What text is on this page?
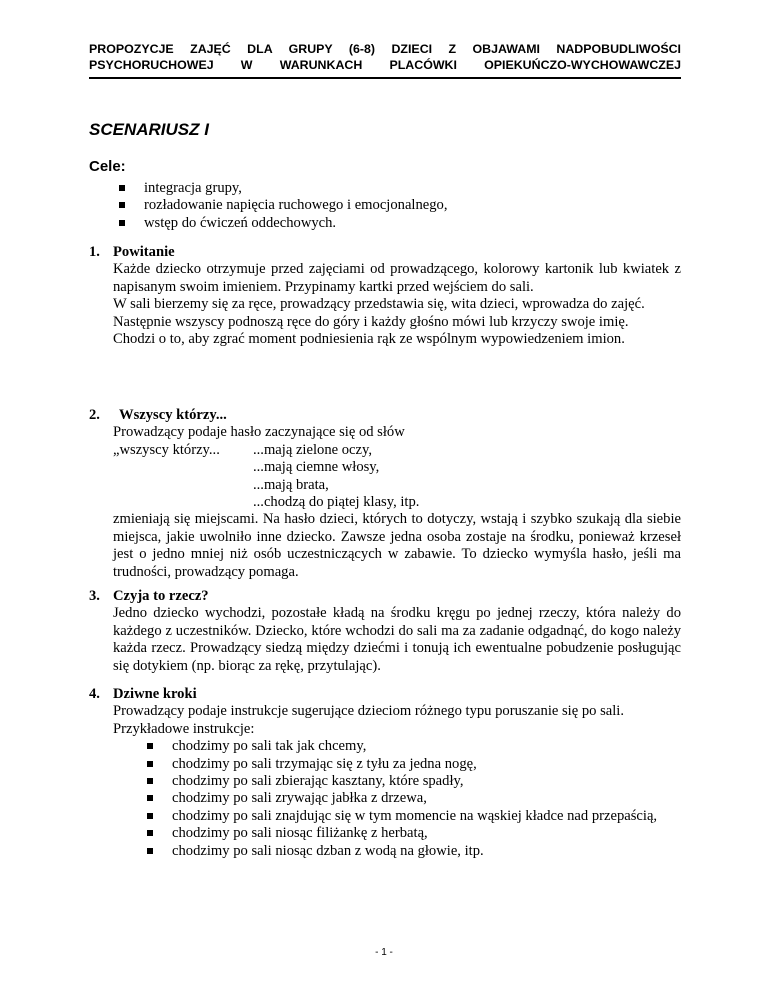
PROPOZYCJE ZAJĘĆ DLA GRUPY (6-8) DZIECI Z OBJAWAMI NADPOBUDLIWOŚCI
PSYCHORUCHOWEJ W WARUNKACH PLACÓWKI OPIEKUŃCZO-WYCHOWAWCZEJ
SCENARIUSZ I
Cele:
integracja grupy,
rozładowanie napięcia ruchowego i emocjonalnego,
wstęp do ćwiczeń oddechowych.
1. Powitanie

Każde dziecko otrzymuje przed zajęciami od prowadzącego, kolorowy kartonik lub kwiatek z napisanym swoim imieniem. Przypinamy kartki przed wejściem do sali.

W sali bierzemy się za ręce, prowadzący przedstawia się, wita dzieci, wprowadza do zajęć.

Następnie wszyscy podnoszą ręce do góry i każdy głośno mówi lub krzyczy swoje imię.

Chodzi o to, aby zgrać moment podniesienia rąk ze wspólnym wypowiedzeniem imion.

2.	Wszyscy którzy...

Prowadzący podaje hasło zaczynające się od słów

„wszyscy którzy...	...mają zielone oczy,
...mają ciemne włosy,
...mają brata,
...chodzą do piątej klasy, itp.

zmieniają się miejscami. Na hasło dzieci, których to dotyczy, wstają i szybko szukają dla siebie miejsca, jakie uwolniło inne dziecko. Zawsze jedna osoba zostaje na środku, ponieważ krzeseł jest o jedno mniej niż osób uczestniczących w zabawie. To dziecko wymyśla hasło, jeśli ma trudności, prowadzący pomaga.

3. Czyja to rzecz?

Jedno dziecko wychodzi, pozostałe kładą na środku kręgu po jednej rzeczy, która należy do każdego z uczestników. Dziecko, które wchodzi do sali ma za zadanie odgadnąć, do kogo należy każda rzecz. Prowadzący siedzą między dziećmi i tonują ich ewentualne pobudzenie posługując się dotykiem (np. biorąc za rękę, przytulając).

4. Dziwne kroki

Prowadzący podaje instrukcje sugerujące dzieciom różnego typu poruszanie się po sali.

Przykładowe instrukcje:

chodzimy po sali tak jak chcemy,
chodzimy po sali trzymając się z tyłu za jedna nogę,
chodzimy po sali zbierając kasztany, które spadły,
chodzimy po sali zrywając jabłka z drzewa,
chodzimy po sali znajdując się w tym momencie na wąskiej kładce nad przepaścią,
chodzimy po sali niosąc filiżankę z herbatą,
chodzimy po sali niosąc dzban z wodą na głowie, itp.
- 1 -
